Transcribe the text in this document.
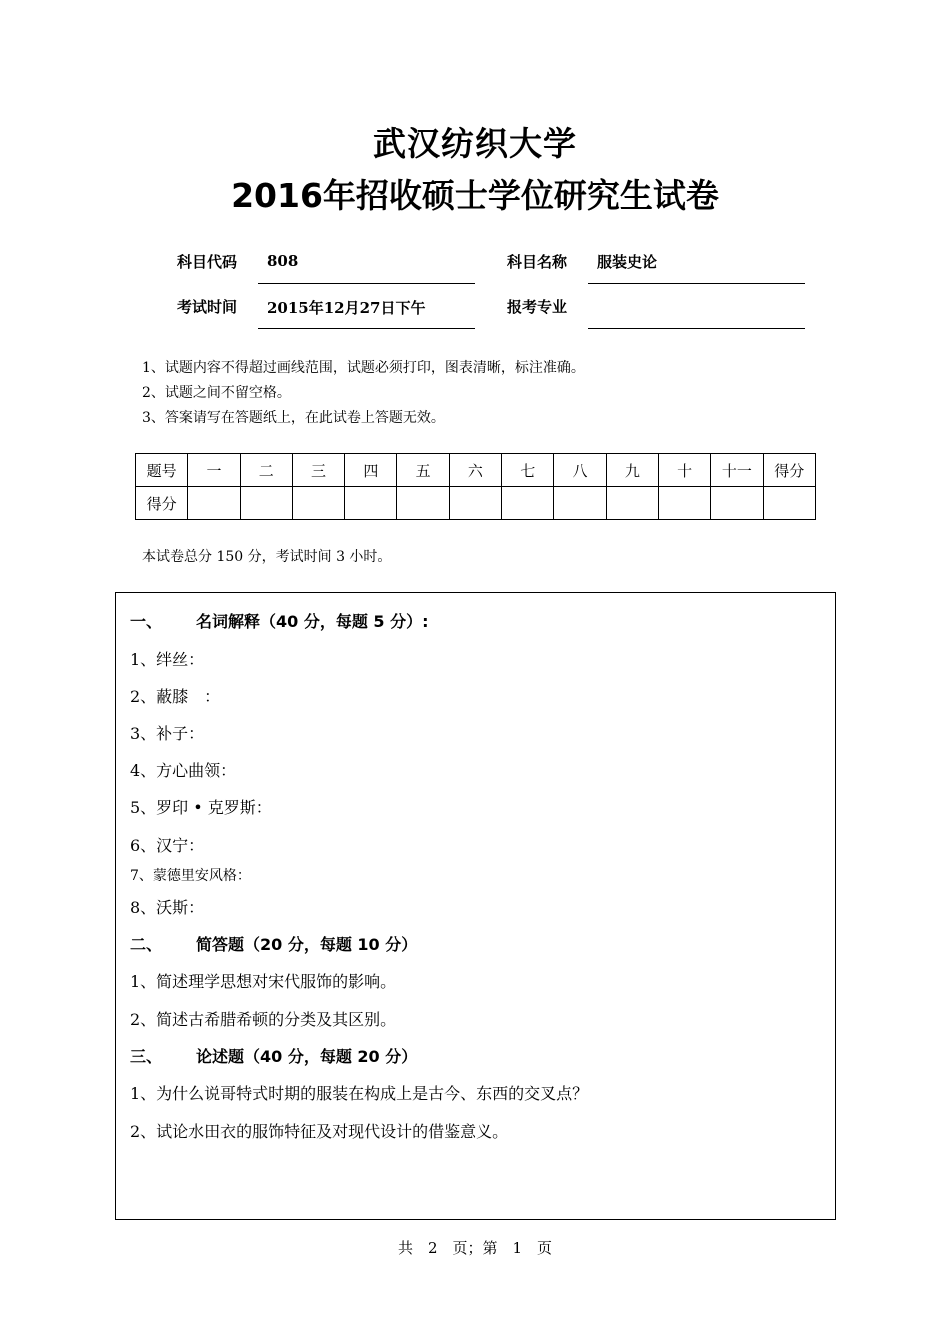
武汉纺织大学
2016年招收硕士学位研究生试卷
科目代码 808	科目名称 服装史论
考试时间 2015年12月27日下午	报考专业
1、试题内容不得超过画线范围，试题必须打印，图表清晰，标注准确。
2、试题之间不留空格。
3、答案请写在答题纸上，在此试卷上答题无效。
题号	一	二	三	四	五	六	七	八	九	十	十一	得分
得分												
本试卷总分 150 分，考试时间 3 小时。
一、 名词解释（40 分，每题 5 分）:
1、绊丝：
2、蔽膝　：
3、补子：
4、方心曲领：
5、罗印 • 克罗斯：
6、汉宁：
7、蒙德里安风格：
8、沃斯：
二、 简答题（20 分，每题 10 分）
1、简述理学思想对宋代服饰的影响。
2、简述古希腊希顿的分类及其区别。
三、 论述题（40 分，每题 20 分）
1、为什么说哥特式时期的服装在构成上是古今、东西的交叉点？
2、试论水田衣的服饰特征及对现代设计的借鉴意义。
共　2　页；第　1　页
